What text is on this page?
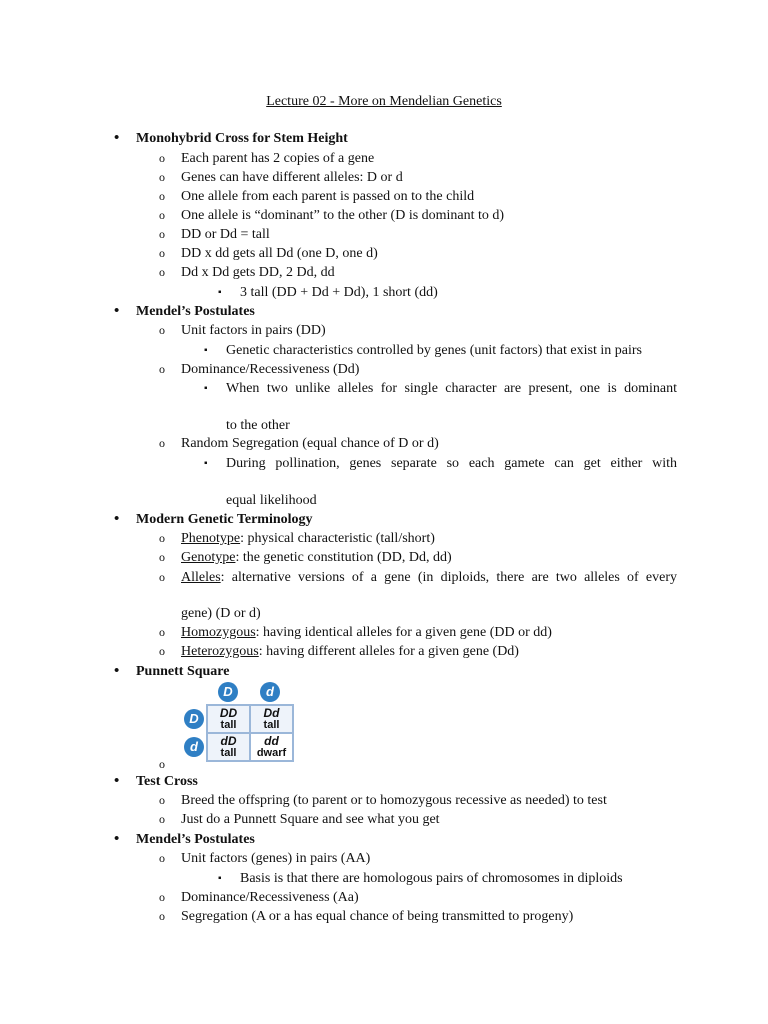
Lecture 02 - More on Mendelian Genetics
• Monohybrid Cross for Stem Height
o Each parent has 2 copies of a gene
o Genes can have different alleles: D or d
o One allele from each parent is passed on to the child
o One allele is “dominant” to the other (D is dominant to d)
o DD or Dd = tall
o DD x dd gets all Dd (one D, one d)
o Dd x Dd gets DD, 2 Dd, dd
▪ 3 tall (DD + Dd + Dd), 1 short (dd)
• Mendel’s Postulates
o Unit factors in pairs (DD)
▪ Genetic characteristics controlled by genes (unit factors) that exist in pairs
o Dominance/Recessiveness (Dd)
▪ When two unlike alleles for single character are present, one is dominant
to the other
o Random Segregation (equal chance of D or d)
▪ During pollination, genes separate so each gamete can get either with
equal likelihood
• Modern Genetic Terminology
o Phenotype: physical characteristic (tall/short)
o Genotype: the genetic constitution (DD, Dd, dd)
o Alleles: alternative versions of a gene (in diploids, there are two alleles of every
gene) (D or d)
o Homozygous: having identical alleles for a given gene (DD or dd)
o Heterozygous: having different alleles for a given gene (Dd)
• Punnett Square
D	d
D
d
DD
tall
Dd
tall
dD
tall
dd
dwarf
o
• Test Cross
o Breed the offspring (to parent or to homozygous recessive as needed) to test
o Just do a Punnett Square and see what you get
• Mendel’s Postulates
o Unit factors (genes) in pairs (AA)
▪ Basis is that there are homologous pairs of chromosomes in diploids
o Dominance/Recessiveness (Aa)
o Segregation (A or a has equal chance of being transmitted to progeny)
